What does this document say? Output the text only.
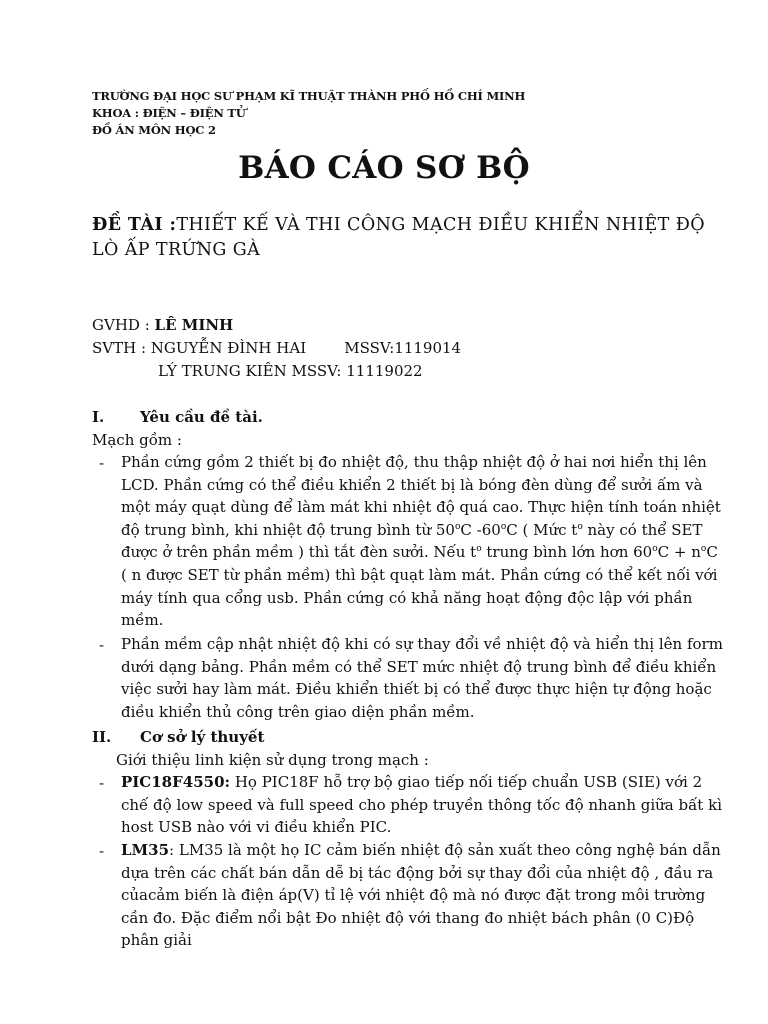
TRƯỜNG ĐẠI HỌC SƯ PHẠM KĨ THUẬT THÀNH PHỐ HỒ CHÍ MINH
KHOA : ĐIỆN – ĐIỆN TỬ
ĐỒ ÁN MÔN HỌC 2
BÁO CÁO SƠ BỘ
ĐỀ TÀI :THIẾT KẾ VÀ THI CÔNG MẠCH ĐIỀU KHIỂN NHIỆT ĐỘ LÒ ẤP TRỨNG GÀ
GVHD : LÊ MINH
SVTH : NGUYỄN ĐÌNH HAI        MSSV:1119014
LÝ TRUNG KIÊN MSSV: 11119022
I. Yêu cầu đề tài.
Mạch gồm :
- Phần cứng gồm 2 thiết bị đo nhiệt độ, thu thập nhiệt độ ở hai nơi hiển thị lên LCD. Phần cứng có thể điều khiển 2 thiết bị là bóng đèn dùng để sưởi ấm và một máy quạt dùng để làm mát khi nhiệt độ quá cao. Thực hiện tính toán nhiệt độ trung bình, khi nhiệt độ trung bình từ 50$^o$C -60$^o$C ( Mức $t^o$ này có thể SET được ở trên phần mềm ) thì tắt đèn sưởi. Nếu $t^o$ trung bình lớn hơn $60^oC + n^oC$ ( n được SET từ phần mềm) thì bật quạt làm mát. Phần cứng có thể kết nối với máy tính qua cổng usb. Phần cứng có khả năng hoạt động độc lập với phần mềm.
- Phần mềm cập nhật nhiệt độ khi có sự thay đổi về nhiệt độ và hiển thị lên form dưới dạng bảng. Phần mềm có thể SET mức nhiệt độ trung bình để điều khiển việc sưởi hay làm mát. Điều khiển thiết bị có thể được thực hiện tự động hoặc điều khiển thủ công trên giao diện phần mềm.
II. Cơ sở lý thuyết
Giới thiệu linh kiện sử dụng trong mạch :
- PIC18F4550: Họ PIC18F hỗ trợ bộ giao tiếp nối tiếp chuẩn USB (SIE) với 2 chế độ low speed và full speed cho phép truyền thông tốc độ nhanh giữa bất kì host USB nào với vi điều khiển PIC.
- LM35: LM35 là một họ IC cảm biến nhiệt độ sản xuất theo công nghệ bán dẫn dựa trên các chất bán dẫn dễ bị tác động bởi sự thay đổi của nhiệt độ , đầu ra củacảm biến là điện áp(V) tỉ lệ với nhiệt độ mà nó được đặt trong môi trường cần đo. Đặc điểm nổi bật Đo nhiệt độ với thang đo nhiệt bách phân (0 C)Độ phân giải
